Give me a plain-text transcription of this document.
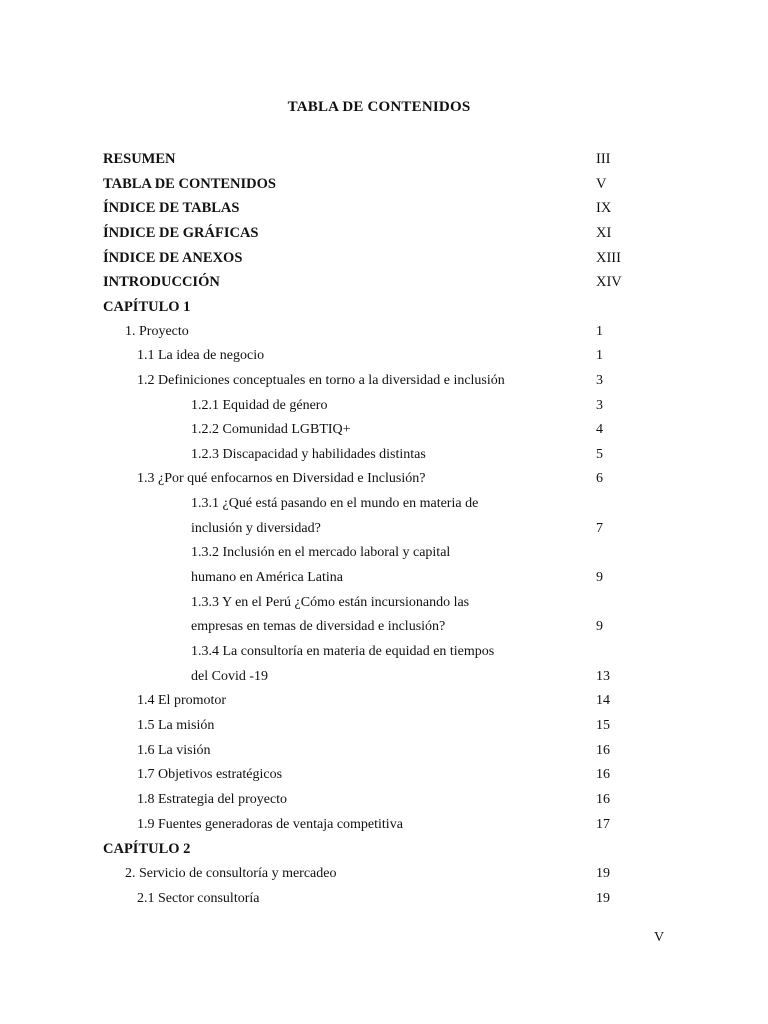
TABLA DE CONTENIDOS
RESUMEN	III
TABLA DE CONTENIDOS	V
ÍNDICE DE TABLAS	IX
ÍNDICE DE GRÁFICAS	XI
ÍNDICE DE ANEXOS	XIII
INTRODUCCIÓN	XIV
CAPÍTULO 1
1. Proyecto	1
1.1 La idea de negocio	1
1.2 Definiciones conceptuales en torno a la diversidad e inclusión	3
1.2.1 Equidad de género	3
1.2.2 Comunidad LGBTIQ+	4
1.2.3 Discapacidad y habilidades distintas	5
1.3 ¿Por qué enfocarnos en Diversidad e Inclusión?	6
1.3.1 ¿Qué está pasando en el mundo en materia de
inclusión y diversidad?	7
1.3.2 Inclusión en el mercado laboral y capital
humano en América Latina	9
1.3.3 Y en el Perú ¿Cómo están incursionando las
empresas en temas de diversidad e inclusión?	9
1.3.4 La consultoría en materia de equidad en tiempos
del Covid -19	13
1.4 El promotor	14
1.5 La misión	15
1.6 La visión	16
1.7 Objetivos estratégicos	16
1.8 Estrategia del proyecto	16
1.9 Fuentes generadoras de ventaja competitiva	17
CAPÍTULO 2
2. Servicio de consultoría y mercadeo	19
2.1 Sector consultoría	19
V
